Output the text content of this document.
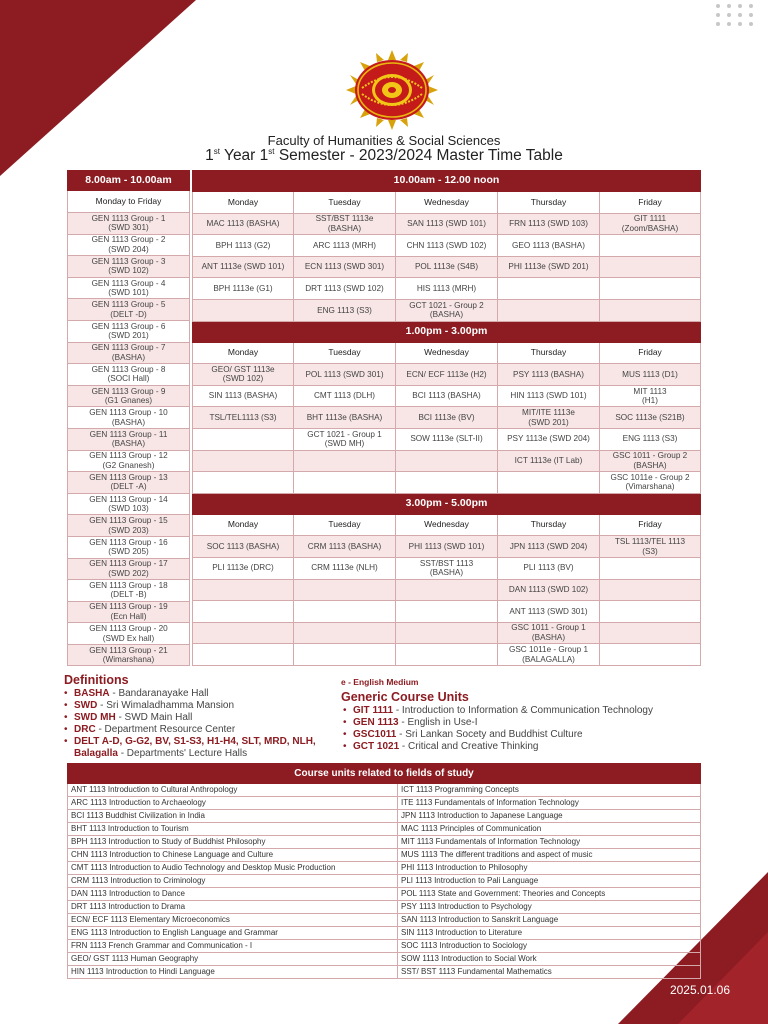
Faculty of Humanities & Social Sciences
1st Year 1st Semester - 2023/2024 Master Time Table
8.00am - 10.00am
Monday to Friday
GEN 1113 Group - 1
(SWD 301)
GEN 1113 Group - 2
(SWD 204)
GEN 1113 Group - 3
(SWD 102)
GEN 1113 Group - 4
(SWD 101)
GEN 1113 Group - 5
(DELT -D)
GEN 1113 Group - 6
(SWD 201)
GEN 1113 Group - 7
(BASHA)
GEN 1113 Group - 8
(SOCI Hall)
GEN 1113 Group - 9
(G1 Gnanes)
GEN 1113 Group - 10
(BASHA)
GEN 1113 Group - 11
(BASHA)
GEN 1113 Group - 12
(G2 Gnanesh)
GEN 1113 Group - 13
(DELT -A)
GEN 1113 Group - 14
(SWD 103)
GEN 1113 Group - 15
(SWD 203)
GEN 1113 Group - 16
(SWD 205)
GEN 1113 Group - 17
(SWD 202)
GEN 1113 Group - 18
(DELT -B)
GEN 1113 Group - 19
(Ecn Hall)
GEN 1113 Group - 20
(SWD Ex hall)
GEN 1113 Group - 21
(Wimarshana)
10.00am - 12.00 noon				
Monday	Tuesday	Wednesday	Thursday	Friday
MAC 1113 (BASHA)	SST/BST 1113e
(BASHA)	SAN 1113 (SWD 101)	FRN 1113 (SWD 103)	GIT 1111
(Zoom/BASHA)
BPH 1113 (G2)	ARC 1113 (MRH)	CHN 1113 (SWD 102)	GEO 1113 (BASHA)	
ANT 1113e (SWD 101)	ECN 1113 (SWD 301)	POL 1113e (S4B)	PHI 1113e (SWD 201)	
BPH 1113e (G1)	DRT 1113 (SWD 102)	HIS 1113 (MRH)		
	ENG 1113 (S3)	GCT 1021 - Group 2
(BASHA)		
1.00pm - 3.00pm				
Monday	Tuesday	Wednesday	Thursday	Friday
GEO/ GST 1113e
(SWD 102)	POL 1113 (SWD 301)	ECN/ ECF 1113e (H2)	PSY 1113 (BASHA)	MUS 1113 (D1)
SIN 1113 (BASHA)	CMT 1113 (DLH)	BCI 1113 (BASHA)	HIN 1113 (SWD 101)	MIT 1113
(H1)
TSL/TEL1113 (S3)	BHT 1113e (BASHA)	BCI 1113e (BV)	MIT/ITE 1113e
(SWD 201)	SOC 1113e (S21B)
	GCT 1021 - Group 1
(SWD MH)	SOW 1113e (SLT-II)	PSY 1113e (SWD 204)	ENG 1113 (S3)
			ICT 1113e (IT Lab)	GSC 1011 - Group 2
(BASHA)
				GSC 1011e - Group 2
(Vimarshana)
3.00pm - 5.00pm				
Monday	Tuesday	Wednesday	Thursday	Friday
SOC 1113 (BASHA)	CRM 1113 (BASHA)	PHI 1113 (SWD 101)	JPN 1113 (SWD 204)	TSL 1113/TEL 1113
(S3)
PLI 1113e (DRC)	CRM 1113e (NLH)	SST/BST 1113
(BASHA)	PLI 1113 (BV)	
			DAN 1113 (SWD 102)	
			ANT 1113 (SWD 301)	
			GSC 1011 - Group 1
(BASHA)	
			GSC 1011e - Group 1
(BALAGALLA)	
Definitions
• BASHA - Bandaranayake Hall
• SWD - Sri Wimaladhamma Mansion
• SWD MH - SWD Main Hall
• DRC - Department Resource Center
• DELT A-D, G-G2, BV, S1-S3, H1-H4, SLT, MRD, NLH, Balagalla - Departments' Lecture Halls
e - English Medium
Generic Course Units
• GIT 1111 - Introduction to Information & Communication Technology
• GEN 1113 - English in Use-I
• GSC1011 - Sri Lankan Socety and Buddhist Culture
• GCT 1021 - Critical and Creative Thinking
Course units related to fields of study	
ANT 1113 Introduction to Cultural Anthropology	ICT 1113 Programming Concepts
ARC 1113 Introduction to Archaeology	ITE 1113 Fundamentals of Information Technology
BCI 1113 Buddhist Civilization in India	JPN 1113 Introduction to Japanese Language
BHT 1113 Introduction to Tourism	MAC 1113 Principles of Communication
BPH 1113 Introduction to Study of Buddhist Philosophy	MIT 1113 Fundamentals of Information Technology
CHN 1113 Introduction to Chinese Language and Culture	MUS 1113 The different traditions and aspect of music
CMT 1113 Introduction to Audio Technology and Desktop Music Production	PHI 1113 Introduction to Philosophy
CRM 1113 Introduction to Criminology	PLI 1113 Introduction to Pali Language
DAN 1113 Introduction to Dance	POL 1113 State and Government: Theories and Concepts
DRT 1113 Introduction to Drama	PSY 1113 Introduction to Psychology
ECN/ ECF 1113 Elementary Microeconomics	SAN 1113 Introduction to Sanskrit Language
ENG 1113 Introduction to English Language and Grammar	SIN 1113 Introduction to Literature
FRN 1113 French Grammar and Communication - I	SOC 1113 Introduction to Sociology
GEO/ GST 1113 Human Geography	SOW 1113 Introduction to Social Work
HIN 1113 Introduction to Hindi Language	SST/ BST 1113 Fundamental Mathematics
2025.01.06
